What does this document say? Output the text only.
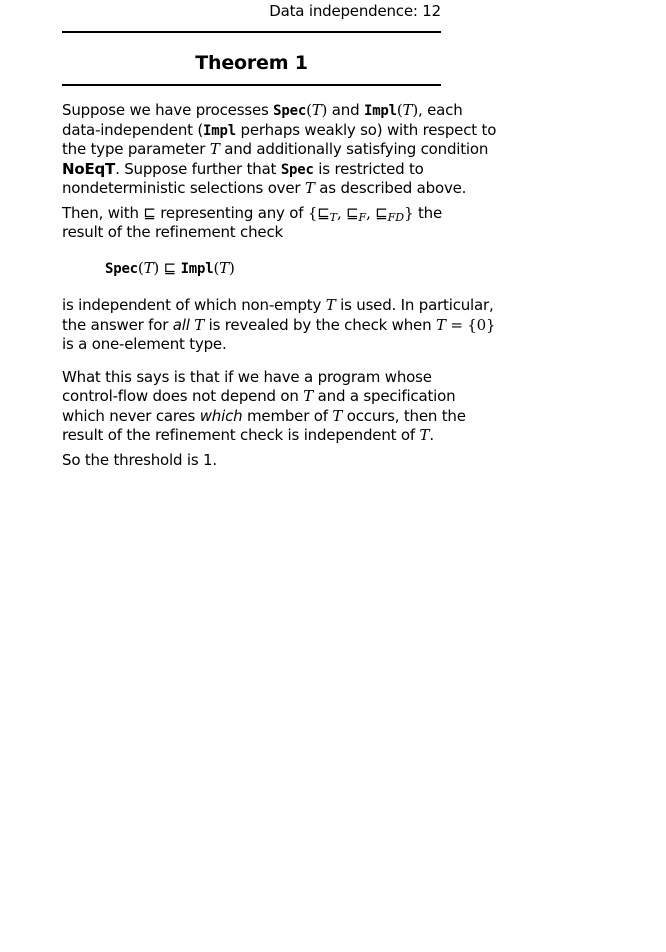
Data independence: 12
Theorem 1
Suppose we have processes Spec(T) and Impl(T), each
data-independent (Impl perhaps weakly so) with respect to
the type parameter T and additionally satisfying condition
NoEqT. Suppose further that Spec is restricted to
nondeterministic selections over T as described above.
Then, with ⊑ representing any of {$⊑_T$, $⊑_F$, $⊑_{FD}$} the
result of the refinement check
Spec(T) ⊑ Impl(T)
is independent of which non-empty T is used. In particular,
the answer for all T is revealed by the check when T = {0}
is a one-element type.
What this says is that if we have a program whose
control-flow does not depend on T and a specification
which never cares which member of T occurs, then the
result of the refinement check is independent of T.
So the threshold is 1.
